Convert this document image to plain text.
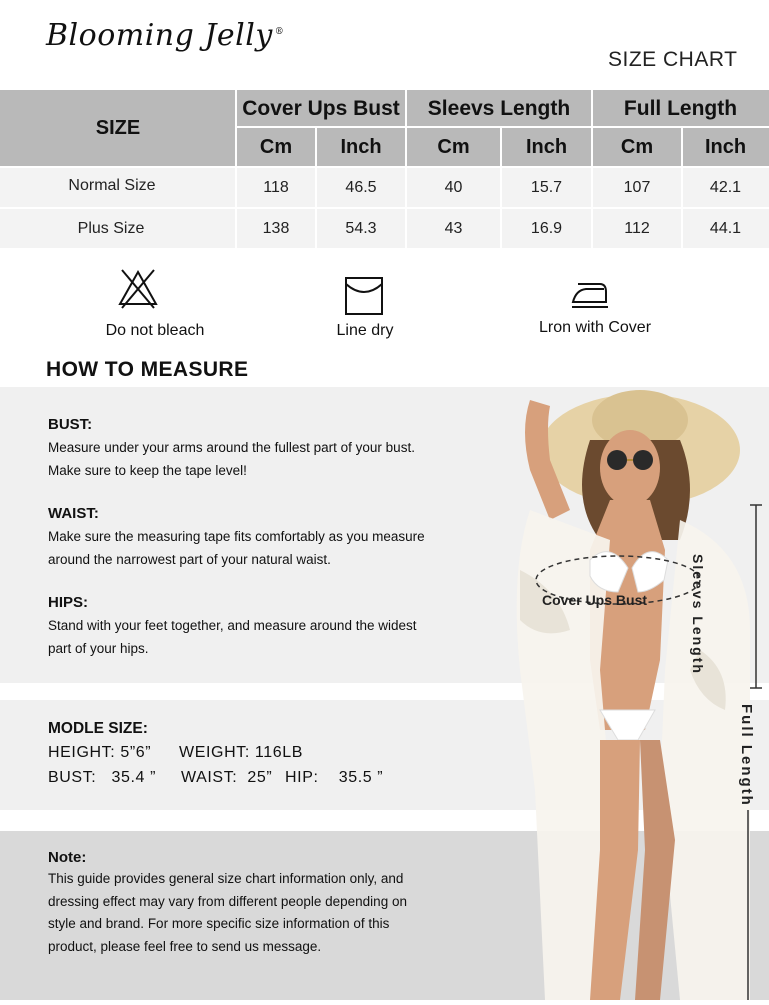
Blooming Jelly ®
SIZE CHART
SIZE
Cover Ups Bust	Sleevs Length	Full Length
Cm	Inch	Cm	Inch	Cm	Inch
Normal Size	118	46.5	40	15.7	107	42.1
Plus Size	138	54.3	43	16.9	112	44.1
Do not bleach	Line dry	Lron with Cover
HOW TO MEASURE
BUST:
Measure under your arms around the fullest part of your bust.
Make sure to keep the tape level!
WAIST:
Make sure the measuring tape fits comfortably as you measure
around the narrowest part of your natural waist.
HIPS:
Stand with your feet together, and measure around the widest
part of your hips.
MODLE SIZE:
HEIGHT: 5”6” WEIGHT: 116LB
BUST:   35.4 ” WAIST:  25” HIP:    35.5 ”
Note:
This guide provides general size chart information only, and
dressing effect may vary from different people depending on
style and brand. For more specific size information of this
product, please feel free to send us message.
Cover Ups Bust	Sleevs Length
Full Length
